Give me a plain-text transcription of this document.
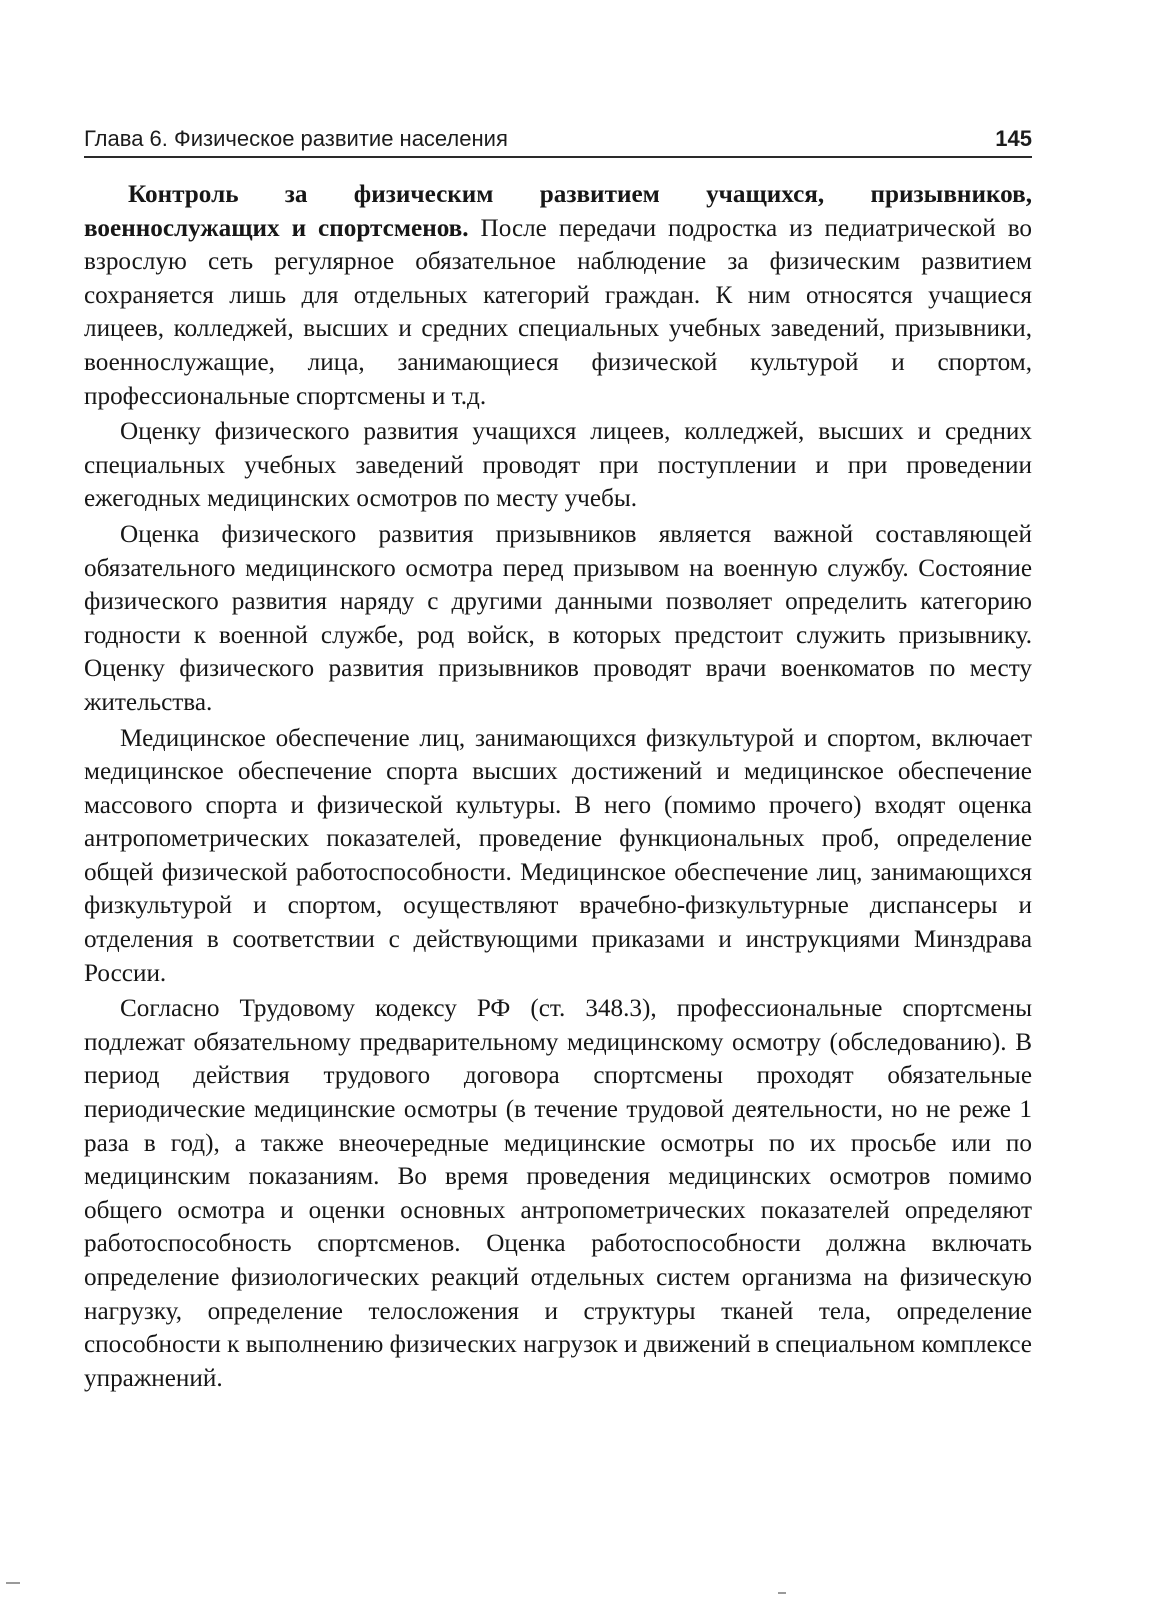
Глава 6. Физическое развитие населения	145

Контроль за физическим развитием учащихся, призывников, военнослужащих и спортсменов. После передачи подростка из педиатрической во взрослую сеть регулярное обязательное наблюдение за физическим развитием сохраняется лишь для отдельных категорий граждан. К ним относятся учащиеся лицеев, колледжей, высших и средних специальных учебных заведений, призывники, военнослужащие, лица, занимающиеся физической культурой и спортом, профессиональные спортсмены и т.д.

Оценку физического развития учащихся лицеев, колледжей, высших и средних специальных учебных заведений проводят при поступлении и при проведении ежегодных медицинских осмотров по месту учебы.

Оценка физического развития призывников является важной составляющей обязательного медицинского осмотра перед призывом на военную службу. Состояние физического развития наряду с другими данными позволяет определить категорию годности к военной службе, род войск, в которых предстоит служить призывнику. Оценку физического развития призывников проводят врачи военкоматов по месту жительства.

Медицинское обеспечение лиц, занимающихся физкультурой и спортом, включает медицинское обеспечение спорта высших достижений и медицинское обеспечение массового спорта и физической культуры. В него (помимо прочего) входят оценка антропометрических показателей, проведение функциональных проб, определение общей физической работоспособности. Медицинское обеспечение лиц, занимающихся физкультурой и спортом, осуществляют врачебно-физкультурные диспансеры и отделения в соответствии с действующими приказами и инструкциями Минздрава России.

Согласно Трудовому кодексу РФ (ст. 348.3), профессиональные спортсмены подлежат обязательному предварительному медицинскому осмотру (обследованию). В период действия трудового договора спортсмены проходят обязательные периодические медицинские осмотры (в течение трудовой деятельности, но не реже 1 раза в год), а также внеочередные медицинские осмотры по их просьбе или по медицинским показаниям. Во время проведения медицинских осмотров помимо общего осмотра и оценки основных антропометрических показателей определяют работоспособность спортсменов. Оценка работоспособности должна включать определение физиологических реакций отдельных систем организма на физическую нагрузку, определение телосложения и структуры тканей тела, определение способности к выполнению физических нагрузок и движений в специальном комплексе упражнений.
